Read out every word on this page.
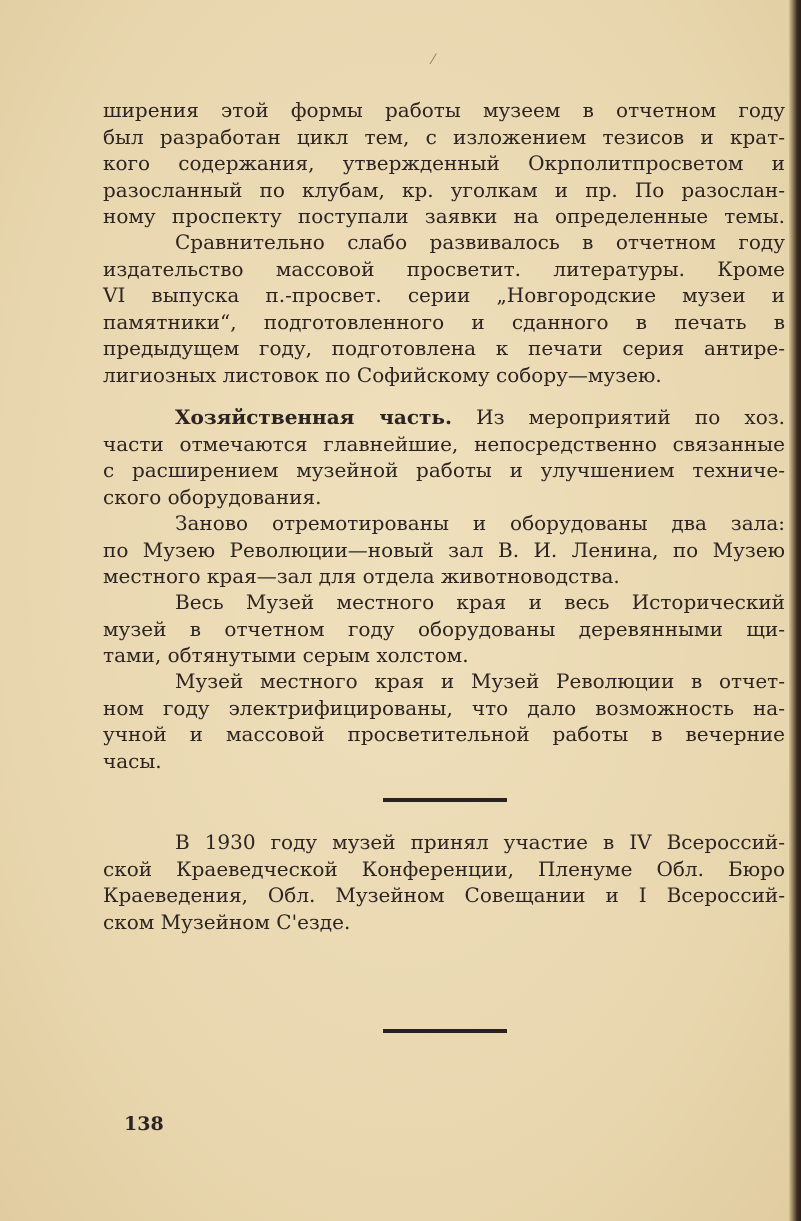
⁄
ширения этой формы работы музеем в отчетном году
был разработан цикл тем, с изложением тезисов и крат-
кого содержания, утвержденный Окрполитпросветом и
разосланный по клубам, кр. уголкам и пр. По разослан-
ному проспекту поступали заявки на определенные темы.
Сравнительно слабо развивалось в отчетном году
издательство массовой просветит. литературы. Кроме
VI выпуска п.-просвет. серии „Новгородские музеи и
памятники“, подготовленного и сданного в печать в
предыдущем году, подготовлена к печати серия антире-
лигиозных листовок по Софийскому собору—музею.
Хозяйственная часть. Из мероприятий по хоз.
части отмечаются главнейшие, непосредственно связанные
с расширением музейной работы и улучшением техниче-
ского оборудования.
Заново отремотированы и оборудованы два зала:
по Музею Революции—новый зал В. И. Ленина, по Музею
местного края—зал для отдела животноводства.
Весь Музей местного края и весь Исторический
музей в отчетном году оборудованы деревянными щи-
тами, обтянутыми серым холстом.
Музей местного края и Музей Революции в отчет-
ном году электрифицированы, что дало возможность на-
учной и массовой просветительной работы в вечерние
часы.
В 1930 году музей принял участие в IV Всероссий-
ской Краеведческой Конференции, Пленуме Обл. Бюро
Краеведения, Обл. Музейном Совещании и I Всероссий-
ском Музейном С'езде.
138
